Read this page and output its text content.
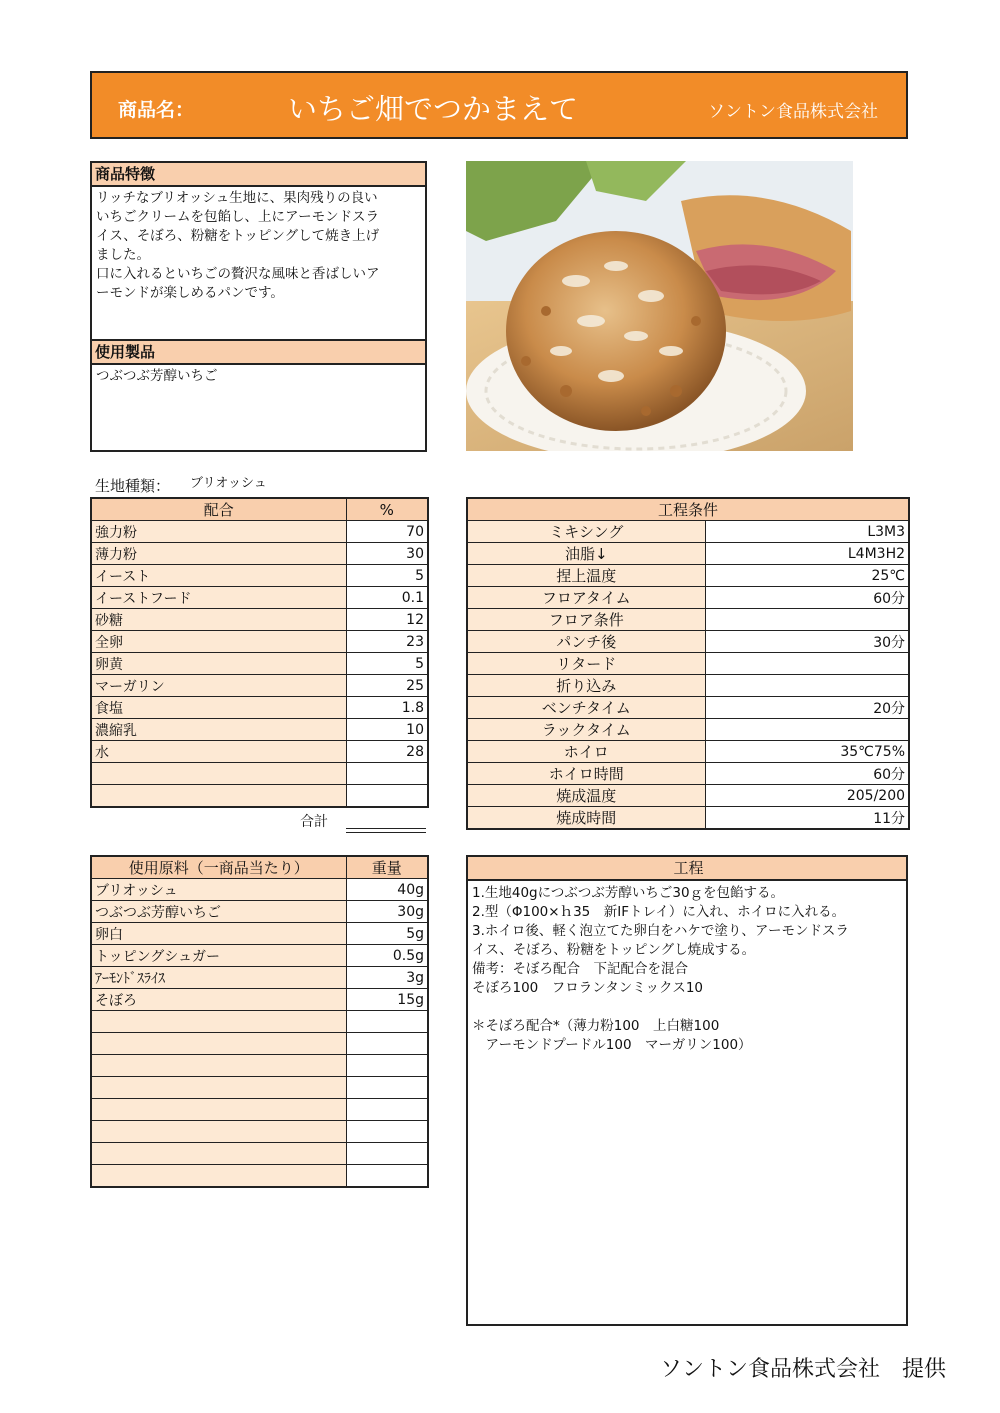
商品名：	いちご畑でつかまえて	ソントン食品株式会社
商品特徴
リッチなブリオッシュ生地に、果肉残りの良い
いちごクリームを包餡し、上にアーモンドスラ
イス、そぼろ、粉糖をトッピングして焼き上げ
ました。
口に入れるといちごの贅沢な風味と香ばしいア
ーモンドが楽しめるパンです。
使用製品
つぶつぶ芳醇いちご
生地種類： ブリオッシュ
配合	%
強力粉	70
薄力粉	30
イースト	5
イーストフード	0.1
砂糖	12
全卵	23
卵黄	5
マーガリン	25
食塩	1.8
濃縮乳	10
水	28

合計
工程条件	
ミキシング	L3M3
油脂↓	L4M3H2
捏上温度	25℃
フロアタイム	60分
フロア条件	
パンチ後	30分
リタード	
折り込み	
ベンチタイム	20分
ラックタイム	
ホイロ	35℃75%
ホイロ時間	60分
焼成温度	205/200
焼成時間	11分
使用原料（一商品当たり）	重量
ブリオッシュ	40g
つぶつぶ芳醇いちご	30g
卵白	5g
トッピングシュガー	0.5g
ｱｰﾓﾝﾄﾞｽﾗｲｽ	3g
そぼろ	15g

工程
1.生地40gにつぶつぶ芳醇いちご30ｇを包餡する。
2.型（Φ100×ｈ35　新IFトレイ）に入れ、ホイロに入れる。
3.ホイロ後、軽く泡立てた卵白をハケで塗り、アーモンドスラ
イス、そぼろ、粉糖をトッピングし焼成する。
備考：そぼろ配合　下記配合を混合
そぼろ100　フロランタンミックス10

＊そぼろ配合*（薄力粉100　上白糖100
　アーモンドプードル100　マーガリン100）
ソントン食品株式会社　提供
